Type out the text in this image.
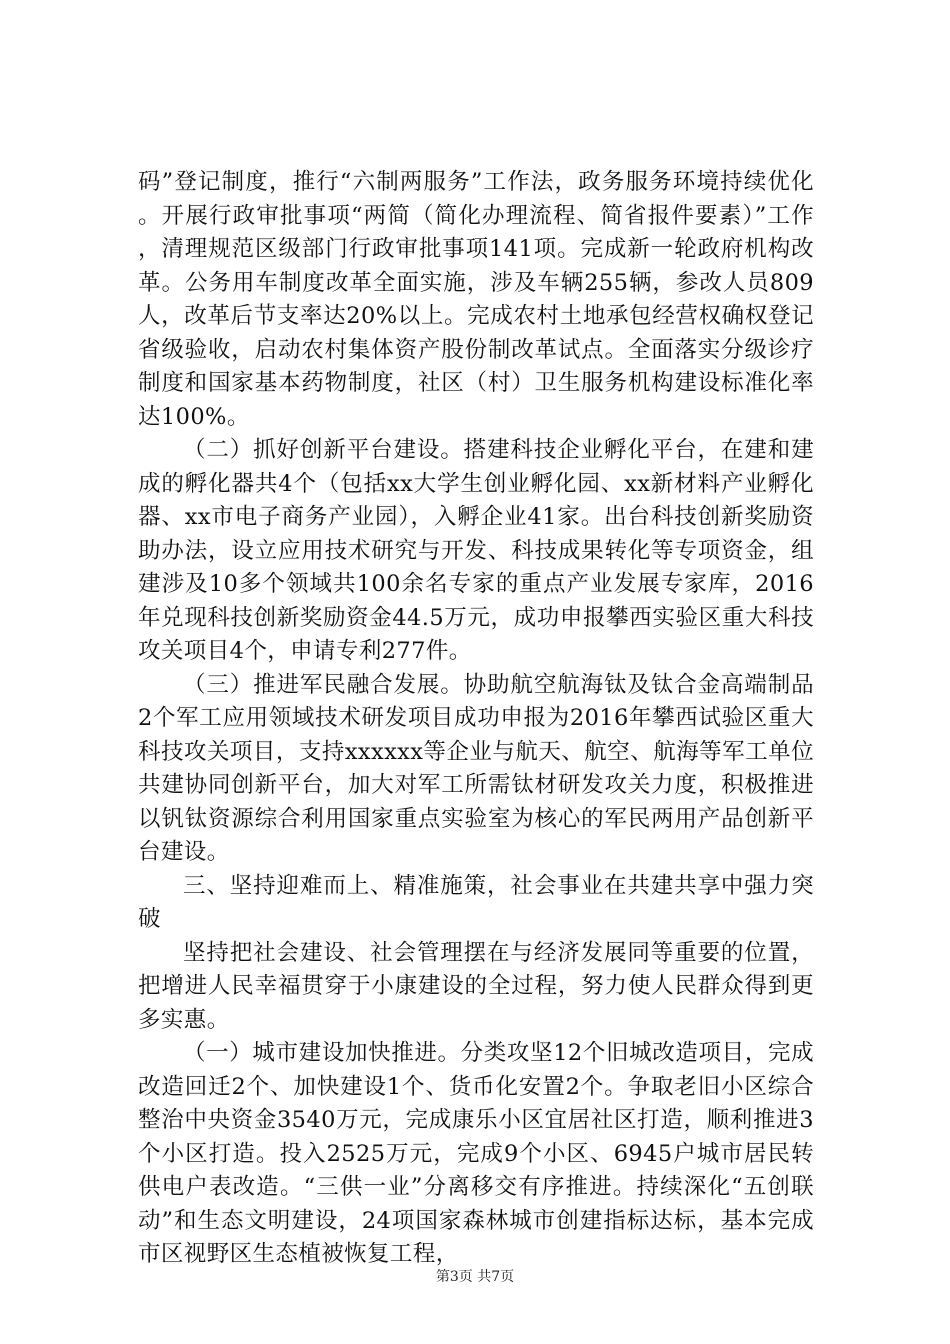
码”登记制度，推行“六制两服务”工作法，政务服务环境持续优化。开展行政审批事项“两简（简化办理流程、简省报件要素）”工作，清理规范区级部门行政审批事项141项。完成新一轮政府机构改革。公务用车制度改革全面实施，涉及车辆255辆，参改人员809人，改革后节支率达20%以上。完成农村土地承包经营权确权登记省级验收，启动农村集体资产股份制改革试点。全面落实分级诊疗制度和国家基本药物制度，社区（村）卫生服务机构建设标准化率达100%。

（二）抓好创新平台建设。搭建科技企业孵化平台，在建和建成的孵化器共4个（包括xx大学生创业孵化园、xx新材料产业孵化器、xx市电子商务产业园），入孵企业41家。出台科技创新奖励资助办法，设立应用技术研究与开发、科技成果转化等专项资金，组建涉及10多个领域共100余名专家的重点产业发展专家库，2016年兑现科技创新奖励资金44.5万元，成功申报攀西实验区重大科技攻关项目4个，申请专利277件。

（三）推进军民融合发展。协助航空航海钛及钛合金高端制品2个军工应用领域技术研发项目成功申报为2016年攀西试验区重大科技攻关项目，支持xxxxxx等企业与航天、航空、航海等军工单位共建协同创新平台，加大对军工所需钛材研发攻关力度，积极推进以钒钛资源综合利用国家重点实验室为核心的军民两用产品创新平台建设。

三、坚持迎难而上、精准施策，社会事业在共建共享中强力突破

坚持把社会建设、社会管理摆在与经济发展同等重要的位置，把增进人民幸福贯穿于小康建设的全过程，努力使人民群众得到更多实惠。

（一）城市建设加快推进。分类攻坚12个旧城改造项目，完成改造回迁2个、加快建设1个、货币化安置2个。争取老旧小区综合整治中央资金3540万元，完成康乐小区宜居社区打造，顺利推进3个小区打造。投入2525万元，完成9个小区、6945户城市居民转供电户表改造。“三供一业”分离移交有序推进。持续深化“五创联动”和生态文明建设，24项国家森林城市创建指标达标，基本完成市区视野区生态植被恢复工程，

第3页 共7页
